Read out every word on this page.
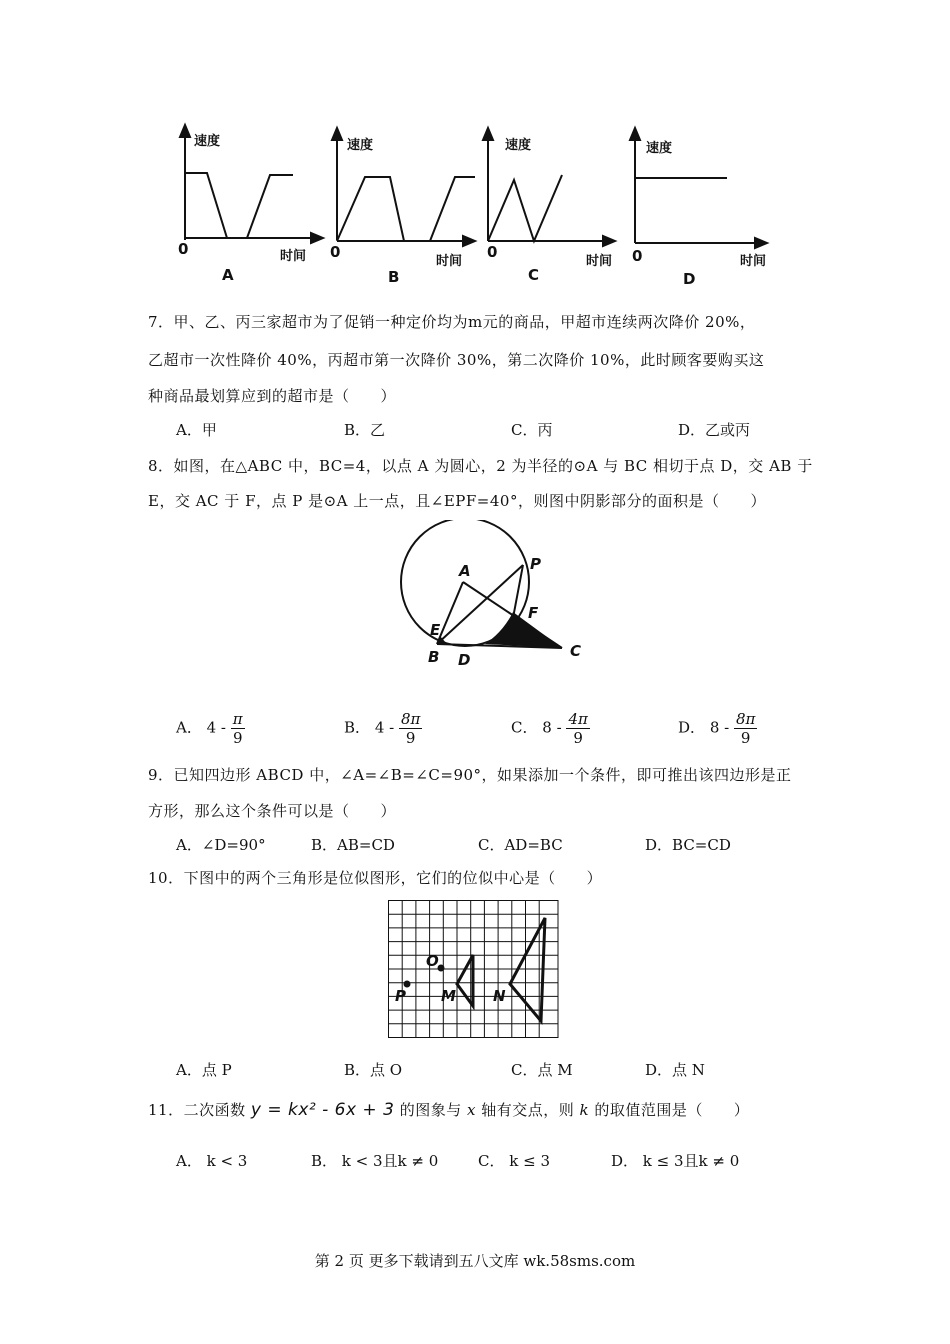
速度
时间
0
A
速度
时间
0
B
速度
时间
0
C
速度
时间
0
D
7．甲、乙、丙三家超市为了促销一种定价均为m元的商品，甲超市连续两次降价 20%，
乙超市一次性降价 40%，丙超市第一次降价 30%，第二次降价 10%，此时顾客要购买这
种商品最划算应到的超市是（　　）
A．甲	B．乙	C．丙	D．乙或丙
8．如图，在△ABC 中，BC=4，以点 A 为圆心，2 为半径的⊙A 与 BC 相切于点 D，交 AB 于
E，交 AC 于 F，点 P 是⊙A 上一点，且∠EPF=40°，则图中阴影部分的面积是（　　）
A	P
E
F
B D	C
A． $4 - \frac{\pi}{9}$	B． $4 - \frac{8\pi}{9}$	C． $8 - \frac{4\pi}{9}$	D． $8 - \frac{8\pi}{9}$
9．已知四边形 ABCD 中，∠A=∠B=∠C=90°，如果添加一个条件，即可推出该四边形是正
方形，那么这个条件可以是（　　）
A．∠D=90°	B．AB=CD	C．AD=BC	D．BC=CD
10．下图中的两个三角形是位似图形，它们的位似中心是（　　）
O
P M N
A．点 P	B．点 O	C．点 M	D．点 N
11．二次函数 y = kx² - 6x + 3 的图象与 x 轴有交点，则 k 的取值范围是（　　）
A． k < 3	B． k < 3且k ≠ 0	C． k ≤ 3	D． k ≤ 3且k ≠ 0
第 2 页 更多下载请到五八文库 wk.58sms.com
